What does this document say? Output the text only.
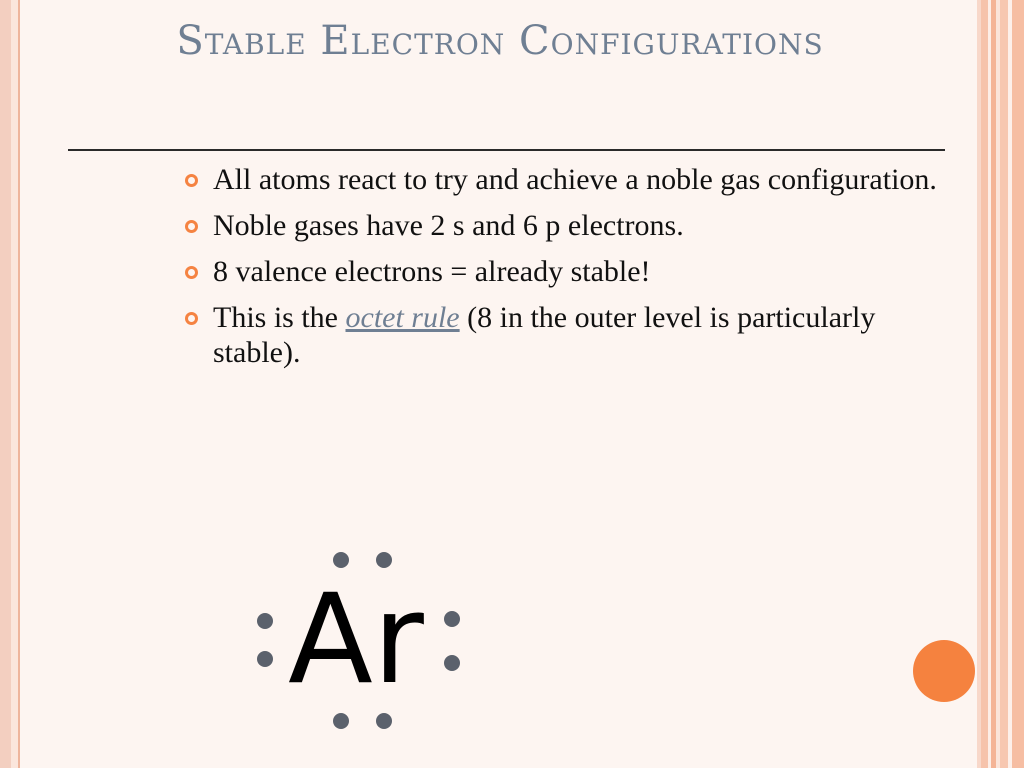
Stable Electron Configurations
All atoms react to try and achieve a noble gas configuration.
Noble gases have 2 s and 6 p electrons.
8 valence electrons = already stable!
This is the octet rule (8 in the outer level is particularly stable).
Ar
